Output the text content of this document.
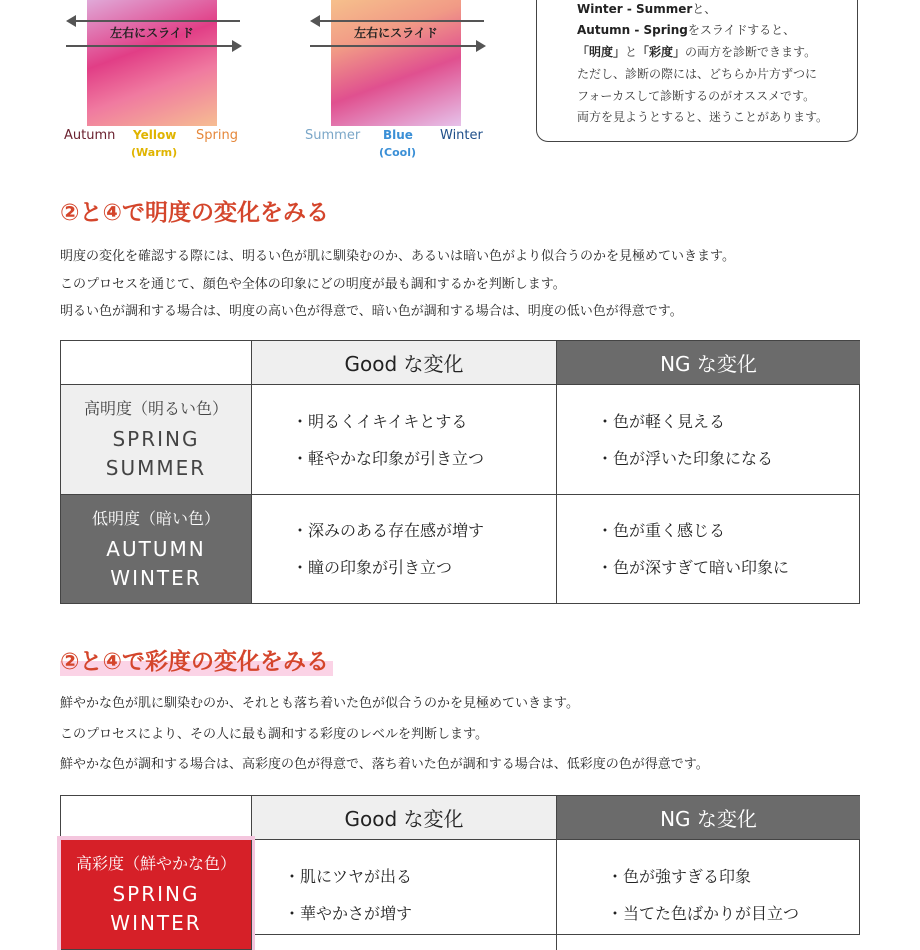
左右にスライド
Autumn Yellow
(Warm)
Spring
左右にスライド
Summer Blue
(Cool)
Winter
Winter - Summerと、
Autumn - Springをスライドすると、
「明度」と「彩度」の両方を診断できます。
ただし、診断の際には、どちらか片方ずつに
フォーカスして診断するのがオススメです。
両方を見ようとすると、迷うことがあります。
②と④で明度の変化をみる
明度の変化を確認する際には、明るい色が肌に馴染むのか、あるいは暗い色がより似合うのかを見極めていきます。
このプロセスを通じて、顔色や全体の印象にどの明度が最も調和するかを判断します。
明るい色が調和する場合は、明度の高い色が得意で、暗い色が調和する場合は、明度の低い色が得意です。
Good な変化	NG な変化
高明度（明るい色）
SPRING
SUMMER
・明るくイキイキとする
・軽やかな印象が引き立つ
・色が軽く見える
・色が浮いた印象になる
低明度（暗い色）
AUTUMN
WINTER
・深みのある存在感が増す
・瞳の印象が引き立つ
・色が重く感じる
・色が深すぎて暗い印象に
②と④で彩度の変化をみる
鮮やかな色が肌に馴染むのか、それとも落ち着いた色が似合うのかを見極めていきます。
このプロセスにより、その人に最も調和する彩度のレベルを判断します。
鮮やかな色が調和する場合は、高彩度の色が得意で、落ち着いた色が調和する場合は、低彩度の色が得意です。
Good な変化	NG な変化
高彩度（鮮やかな色）
SPRING
WINTER
・肌にツヤが出る
・華やかさが増す
・色が強すぎる印象
・当てた色ばかりが目立つ
